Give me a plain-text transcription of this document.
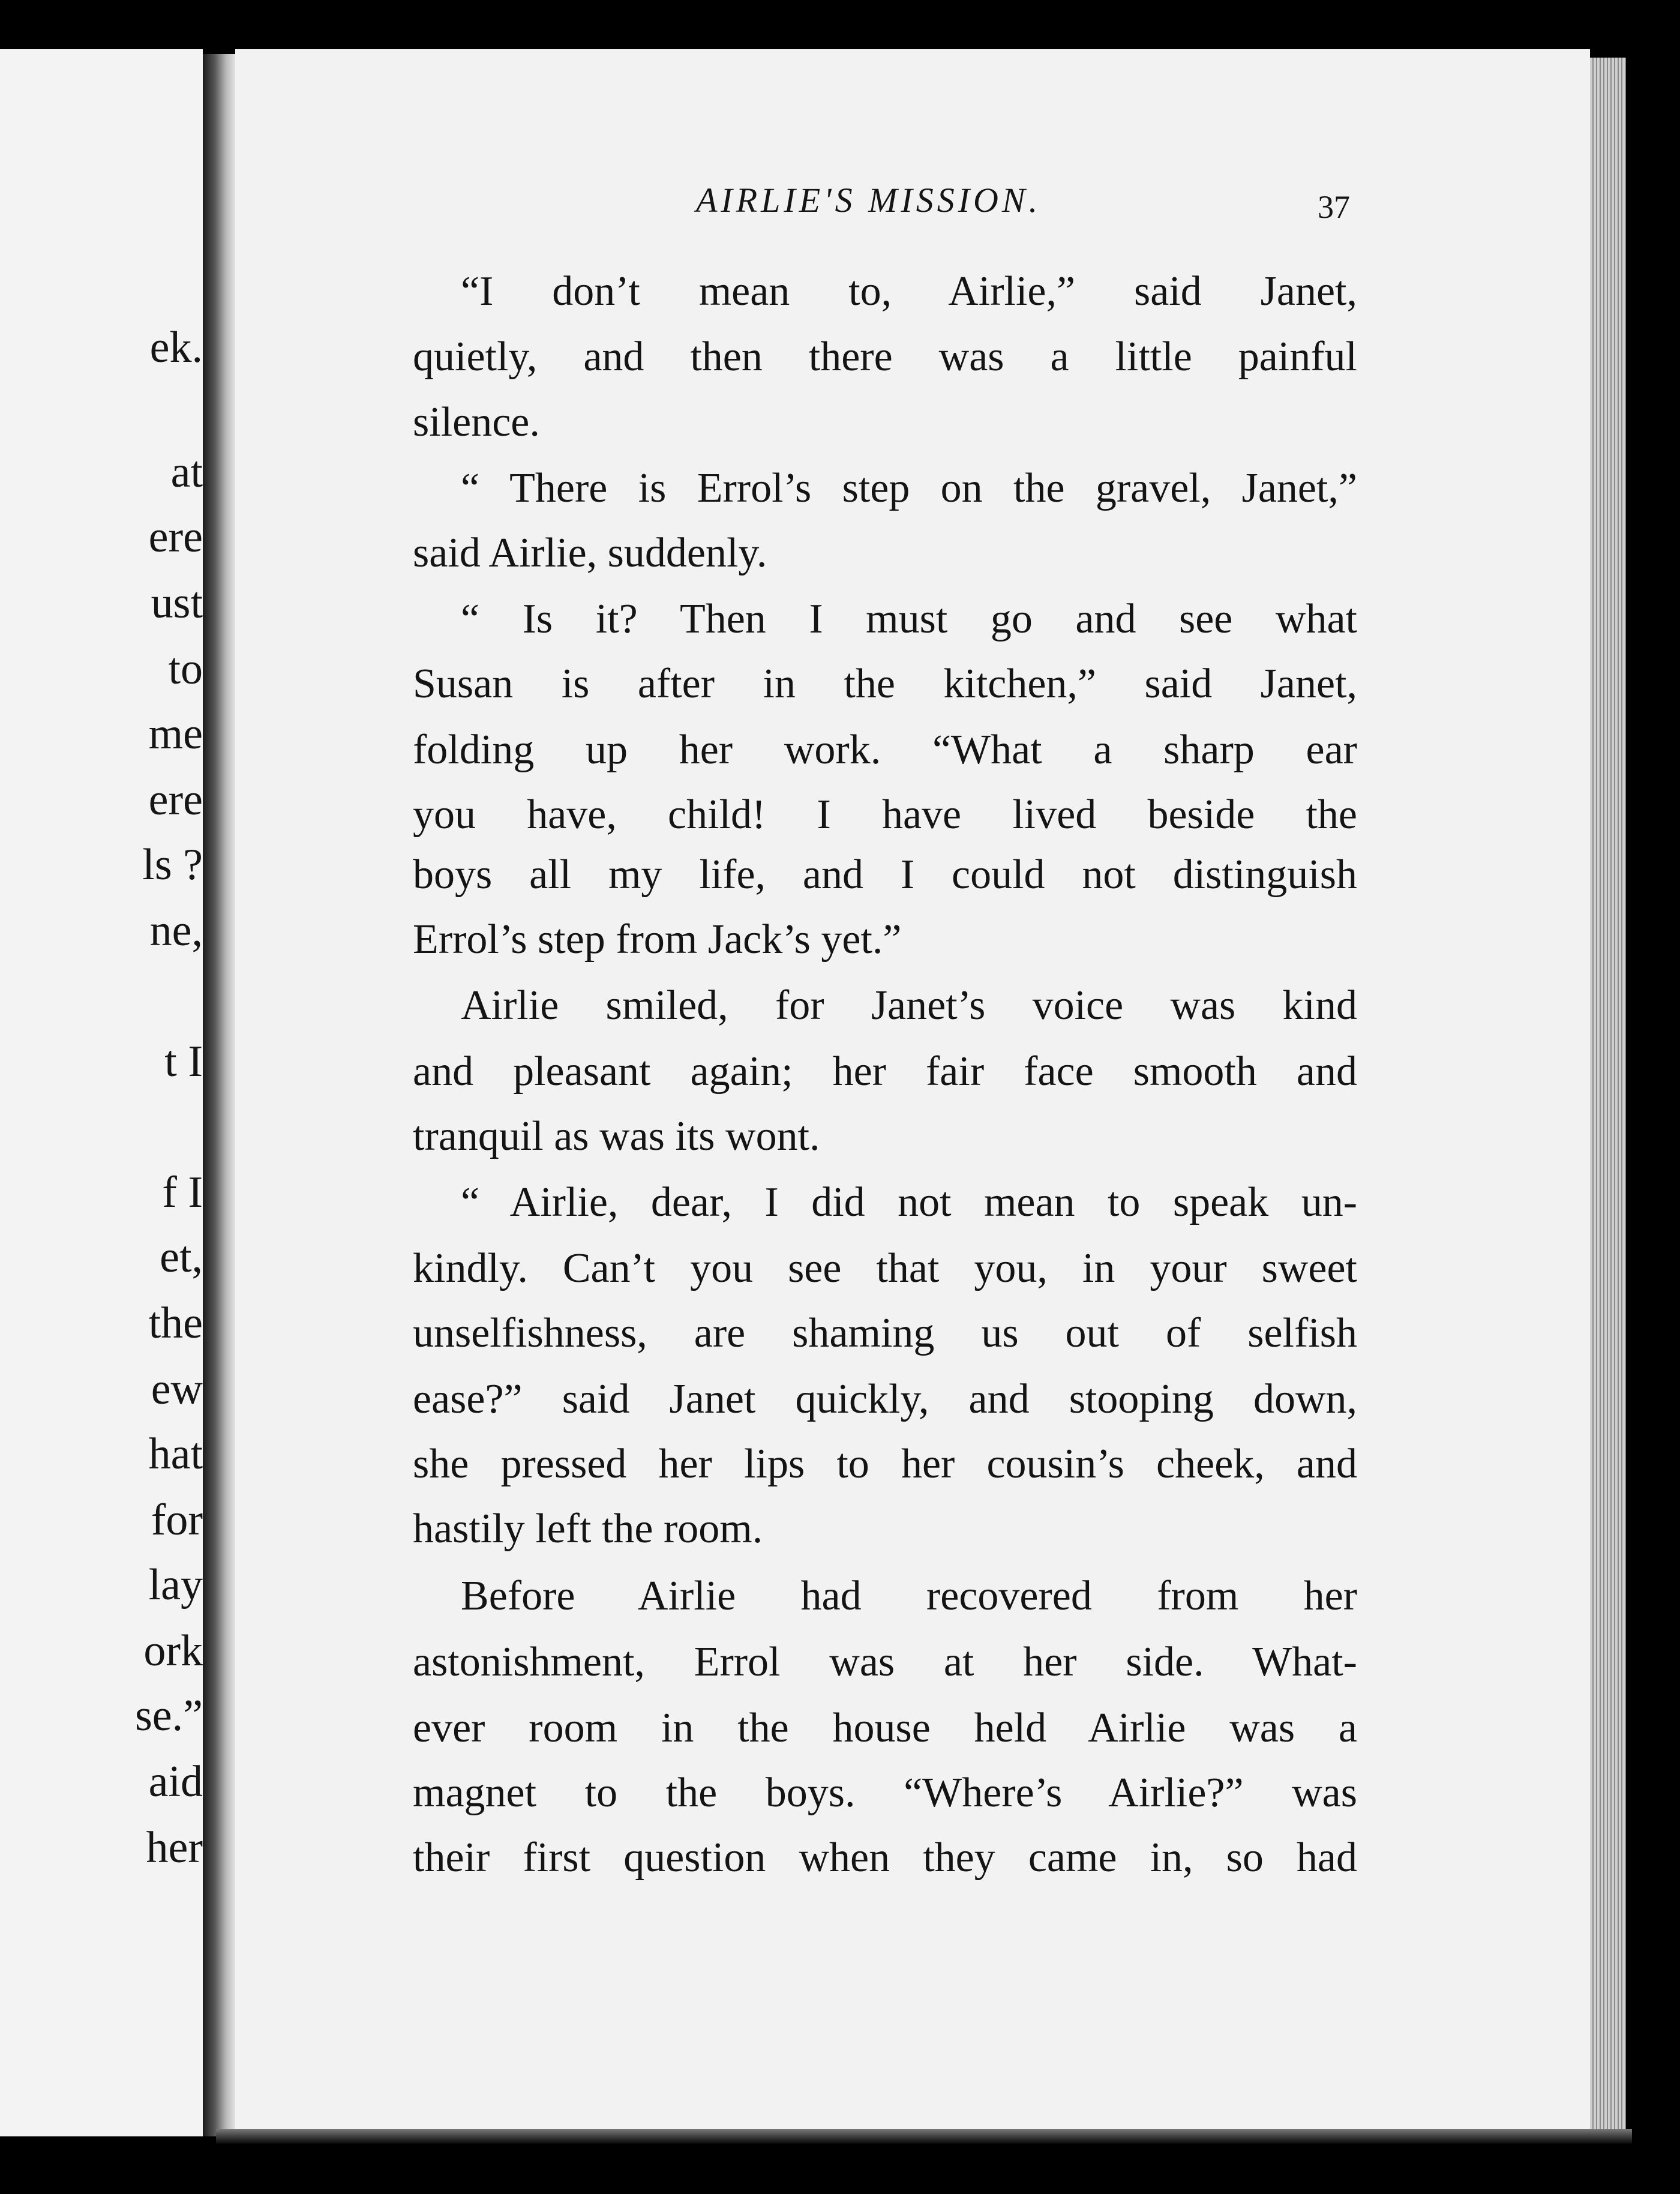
ek.
at
ere
ust
to
me
ere
ls ?
ne,
t I
f I
et,
the
ew
hat
for
lay
ork
se.”
aid
her
AIRLIE'S MISSION.	37
“I don’t mean to, Airlie,” said Janet,
quietly, and then there was a little painful
silence.
“ There is Errol’s step on the gravel, Janet,”
said Airlie, suddenly.
“ Is it? Then I must go and see what
Susan is after in the kitchen,” said Janet,
folding up her work. “What a sharp ear
you have, child! I have lived beside the
boys all my life, and I could not distinguish
Errol’s step from Jack’s yet.”
Airlie smiled, for Janet’s voice was kind
and pleasant again; her fair face smooth and
tranquil as was its wont.
“ Airlie, dear, I did not mean to speak un-
kindly. Can’t you see that you, in your sweet
unselfishness, are shaming us out of selfish
ease?” said Janet quickly, and stooping down,
she pressed her lips to her cousin’s cheek, and
hastily left the room.
Before Airlie had recovered from her
astonishment, Errol was at her side. What-
ever room in the house held Airlie was a
magnet to the boys. “Where’s Airlie?” was
their first question when they came in, so had
